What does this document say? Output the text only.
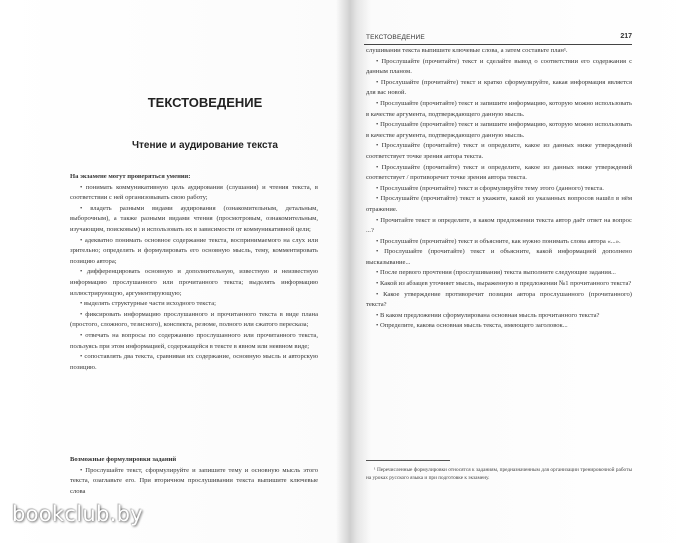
ТЕКСТОВЕДЕНИЕ
Чтение и аудирование текста

На экзамене могут проверяться умения:

• понимать коммуникативную цель аудирования (слушания) и чтения текста, в соответствии с ней организовывать свою работу;

• владеть разными видами аудирования (ознакомительным, детальным, выборочным), а также разными видами чтения (просмотровым, ознакомительным, изучающим, поисковым) и использовать их в зависимости от коммуникативной цели;

• адекватно понимать основное содержание текста, воспринимаемого на слух или зрительно; определять и формулировать его основную мысль, тему, комментировать позицию автора;

• дифференцировать основную и дополнительную, известную и неизвестную информацию прослушанного или прочитанного текста; выделять информацию иллюстрирующую, аргументирующую;

• выделять структурные части исходного текста;

• фиксировать информацию прослушанного и прочитанного текста в виде плана (простого, сложного, тезисного), конспекта, резюме, полного или сжатого пересказа;

• отвечать на вопросы по содержанию прослушанного или прочитанного текста, пользуясь при этом информацией, содержащейся в тексте в явном или неявном виде;

• сопоставлять два текста, сравнивая их содержание, основную мысль и авторскую позицию.

Возможные формулировки заданий

• Прослушайте текст, сформулируйте и запишите тему и основную мысль этого текста, озаглавьте его. При вторичном прослушивании текста выпишите ключевые слова

ТЕКСТОВЕДЕНИЕ	217

слушивании текста выпишите ключевые слова, а затем составьте план¹.

• Прослушайте (прочитайте) текст и сделайте вывод о соответствии его содержания с данным планом.

• Прослушайте (прочитайте) текст и кратко сформулируйте, какая информация является для вас новой.

• Прослушайте (прочитайте) текст и запишите информацию, которую можно использовать в качестве аргумента, подтверждающего данную мысль.

• Прослушайте (прочитайте) текст и запишите информацию, которую можно использовать в качестве аргумента, подтверждающего данную мысль.

• Прослушайте (прочитайте) текст и определите, какое из данных ниже утверждений соответствует точке зрения автора текста.

• Прослушайте (прочитайте) текст и определите, какое из данных ниже утверждений соответствует / противоречит точке зрения автора текста.

• Прослушайте (прочитайте) текст и сформулируйте тему этого (данного) текста.

• Прослушайте (прочитайте) текст и укажите, какой из указанных вопросов нашёл в нём отражение.

• Прочитайте текст и определите, в каком предложении текста автор даёт ответ на вопрос ...?

• Прослушайте (прочитайте) текст и объясните, как нужно понимать слова автора «...».

• Прослушайте (прочитайте) текст и объясните, какой информацией дополнено высказывание...

• После первого прочтения (прослушивания) текста выполните следующие задания...

• Какой из абзацев уточняет мысль, выраженную в предложении №1 прочитанного текста?

• Какое утверждение противоречит позиции автора прослушанного (прочитанного) текста?

• В каком предложении сформулирована основная мысль прочитанного текста?

• Определите, какова основная мысль текста, имеющего заголовок...

¹ Перечисленные формулировки относятся к заданиям, предназначенным для организации тренировочной работы на уроках русского языка и при подготовке к экзамену.

bookclub.by
